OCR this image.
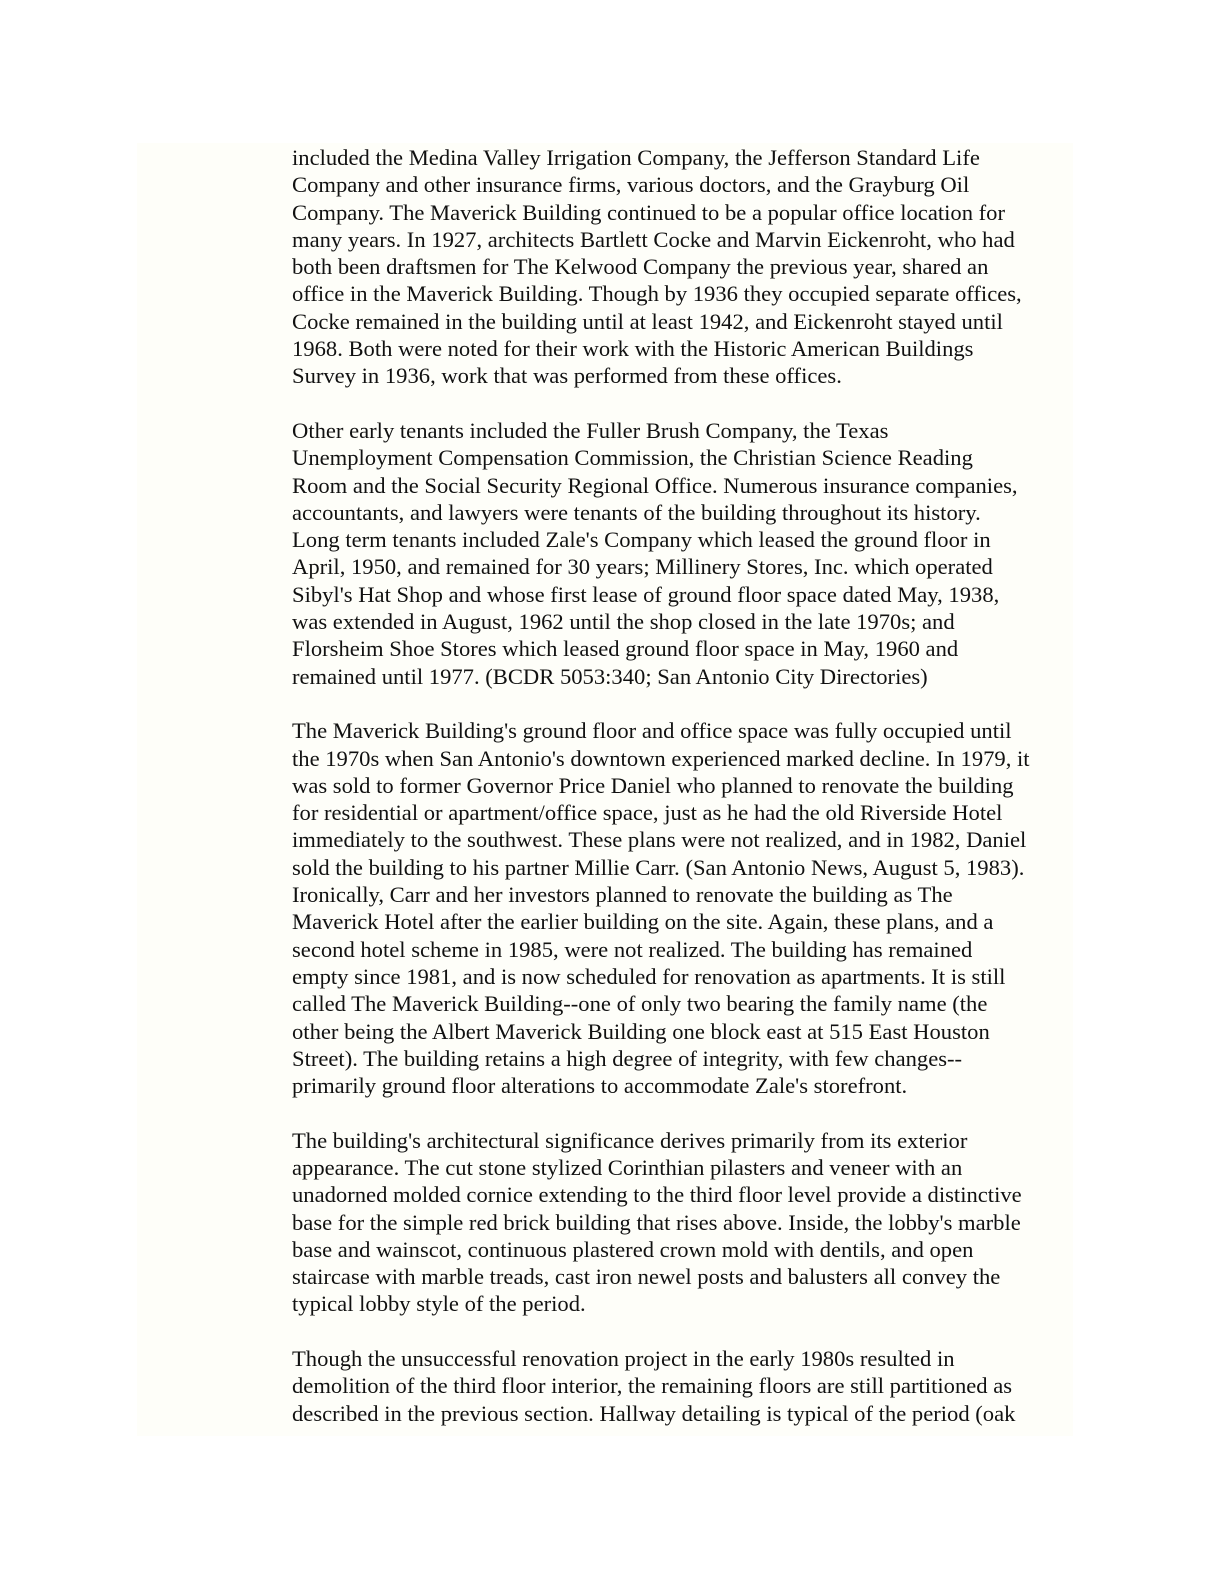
included the Medina Valley Irrigation Company, the Jefferson Standard Life
Company and other insurance firms, various doctors, and the Grayburg Oil
Company. The Maverick Building continued to be a popular office location for
many years. In 1927, architects Bartlett Cocke and Marvin Eickenroht, who had
both been draftsmen for The Kelwood Company the previous year, shared an
office in the Maverick Building. Though by 1936 they occupied separate offices,
Cocke remained in the building until at least 1942, and Eickenroht stayed until
1968. Both were noted for their work with the Historic American Buildings
Survey in 1936, work that was performed from these offices.

Other early tenants included the Fuller Brush Company, the Texas
Unemployment Compensation Commission, the Christian Science Reading
Room and the Social Security Regional Office. Numerous insurance companies,
accountants, and lawyers were tenants of the building throughout its history.
Long term tenants included Zale's Company which leased the ground floor in
April, 1950, and remained for 30 years; Millinery Stores, Inc. which operated
Sibyl's Hat Shop and whose first lease of ground floor space dated May, 1938,
was extended in August, 1962 until the shop closed in the late 1970s; and
Florsheim Shoe Stores which leased ground floor space in May, 1960 and
remained until 1977. (BCDR 5053:340; San Antonio City Directories)

The Maverick Building's ground floor and office space was fully occupied until
the 1970s when San Antonio's downtown experienced marked decline. In 1979, it
was sold to former Governor Price Daniel who planned to renovate the building
for residential or apartment/office space, just as he had the old Riverside Hotel
immediately to the southwest. These plans were not realized, and in 1982, Daniel
sold the building to his partner Millie Carr. (San Antonio News, August 5, 1983).
Ironically, Carr and her investors planned to renovate the building as The
Maverick Hotel after the earlier building on the site. Again, these plans, and a
second hotel scheme in 1985, were not realized. The building has remained
empty since 1981, and is now scheduled for renovation as apartments. It is still
called The Maverick Building--one of only two bearing the family name (the
other being the Albert Maverick Building one block east at 515 East Houston
Street). The building retains a high degree of integrity, with few changes--
primarily ground floor alterations to accommodate Zale's storefront.

The building's architectural significance derives primarily from its exterior
appearance. The cut stone stylized Corinthian pilasters and veneer with an
unadorned molded cornice extending to the third floor level provide a distinctive
base for the simple red brick building that rises above. Inside, the lobby's marble
base and wainscot, continuous plastered crown mold with dentils, and open
staircase with marble treads, cast iron newel posts and balusters all convey the
typical lobby style of the period.

Though the unsuccessful renovation project in the early 1980s resulted in
demolition of the third floor interior, the remaining floors are still partitioned as
described in the previous section. Hallway detailing is typical of the period (oak
